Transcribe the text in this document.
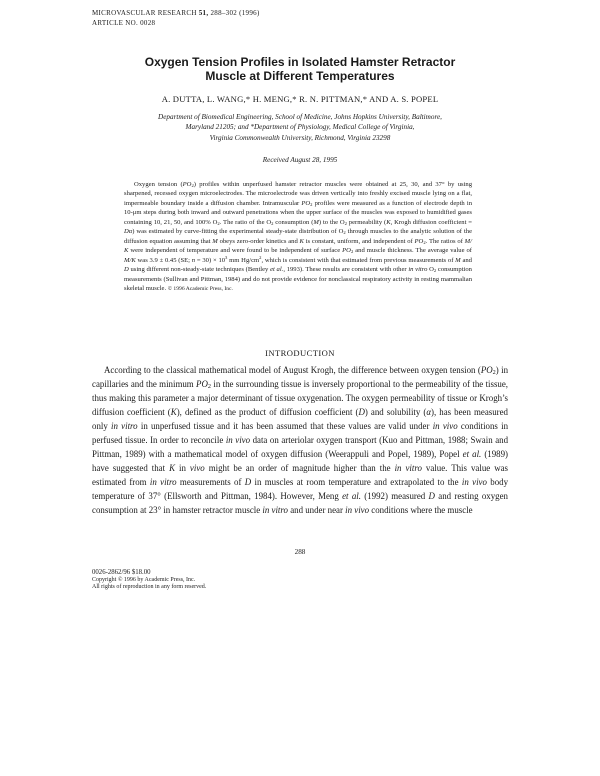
MICROVASCULAR RESEARCH 51, 288–302 (1996)
ARTICLE NO. 0028
Oxygen Tension Profiles in Isolated Hamster Retractor
Muscle at Different Temperatures
A. DUTTA, L. WANG,* H. MENG,* R. N. PITTMAN,* AND A. S. POPEL
Department of Biomedical Engineering, School of Medicine, Johns Hopkins University, Baltimore,
Maryland 21205; and *Department of Physiology, Medical College of Virginia,
Virginia Commonwealth University, Richmond, Virginia 23298
Received August 28, 1995

Oxygen tension $(PO_2)$ profiles within unperfused hamster retractor muscles were obtained at 25, 30, and 37° by using sharpened, recessed oxygen microelectrodes. The microelectrode was driven vertically into freshly excised muscle lying on a flat, impermeable boundary inside a diffusion chamber. Intramuscular $PO_2$ profiles were measured as a function of electrode depth in 10-μm steps during both inward and outward penetrations when the upper surface of the muscles was exposed to humidified gases containing 10, 21, 50, and 100% $O_2$. The ratio of the $O_2$ consumption (M) to the $O_2$ permeability (K, Krogh diffusion coefficient = Dα) was estimated by curve-fitting the experimental steady-state distribution of $O_2$ through muscles to the analytic solution of the diffusion equation assuming that M obeys zero-order kinetics and K is constant, uniform, and independent of $PO_2$. The ratios of M/ K were independent of temperature and were found to be independent of surface $PO_2$ and muscle thickness. The average value of M/K was 3.9 ± 0.45 (SE; $n = 30) \times 10^3$ mm $Hg/cm^2$, which is consistent with that estimated from previous measurements of M and D using different non-steady-state techniques (Bentley et al., 1993). These results are consistent with other in vitro $O_2$ consumption measurements (Sullivan and Pittman, 1984) and do not provide evidence for nonclassical respiratory activity in resting mammalian skeletal muscle. © 1996 Academic Press, Inc.

INTRODUCTION

According to the classical mathematical model of August Krogh, the difference between oxygen tension $(PO_2)$ in capillaries and the minimum $PO_2$ in the surrounding tissue is inversely proportional to the permeability of the tissue, thus making this parameter a major determinant of tissue oxygenation. The oxygen permeability of tissue or Krogh’s diffusion coefficient (K), defined as the product of diffusion coefficient (D) and solubility (α), has been measured only in vitro in unperfused tissue and it has been assumed that these values are valid under in vivo conditions in perfused tissue. In order to reconcile in vivo data on arteriolar oxygen transport (Kuo and Pittman, 1988; Swain and Pittman, 1989) with a mathematical model of oxygen diffusion (Weerappuli and Popel, 1989), Popel et al. (1989) have suggested that K in vivo might be an order of magnitude higher than the in vitro value. This value was estimated from in vitro measurements of D in muscles at room temperature and extrapolated to the in vivo body temperature of 37° (Ellsworth and Pittman, 1984). However, Meng et al. (1992) measured D and resting oxygen consumption at 23° in hamster retractor muscle in vitro and under near in vivo conditions where the muscle

288
0026-2862/96 $18.00
Copyright © 1996 by Academic Press, Inc.
All rights of reproduction in any form reserved.
